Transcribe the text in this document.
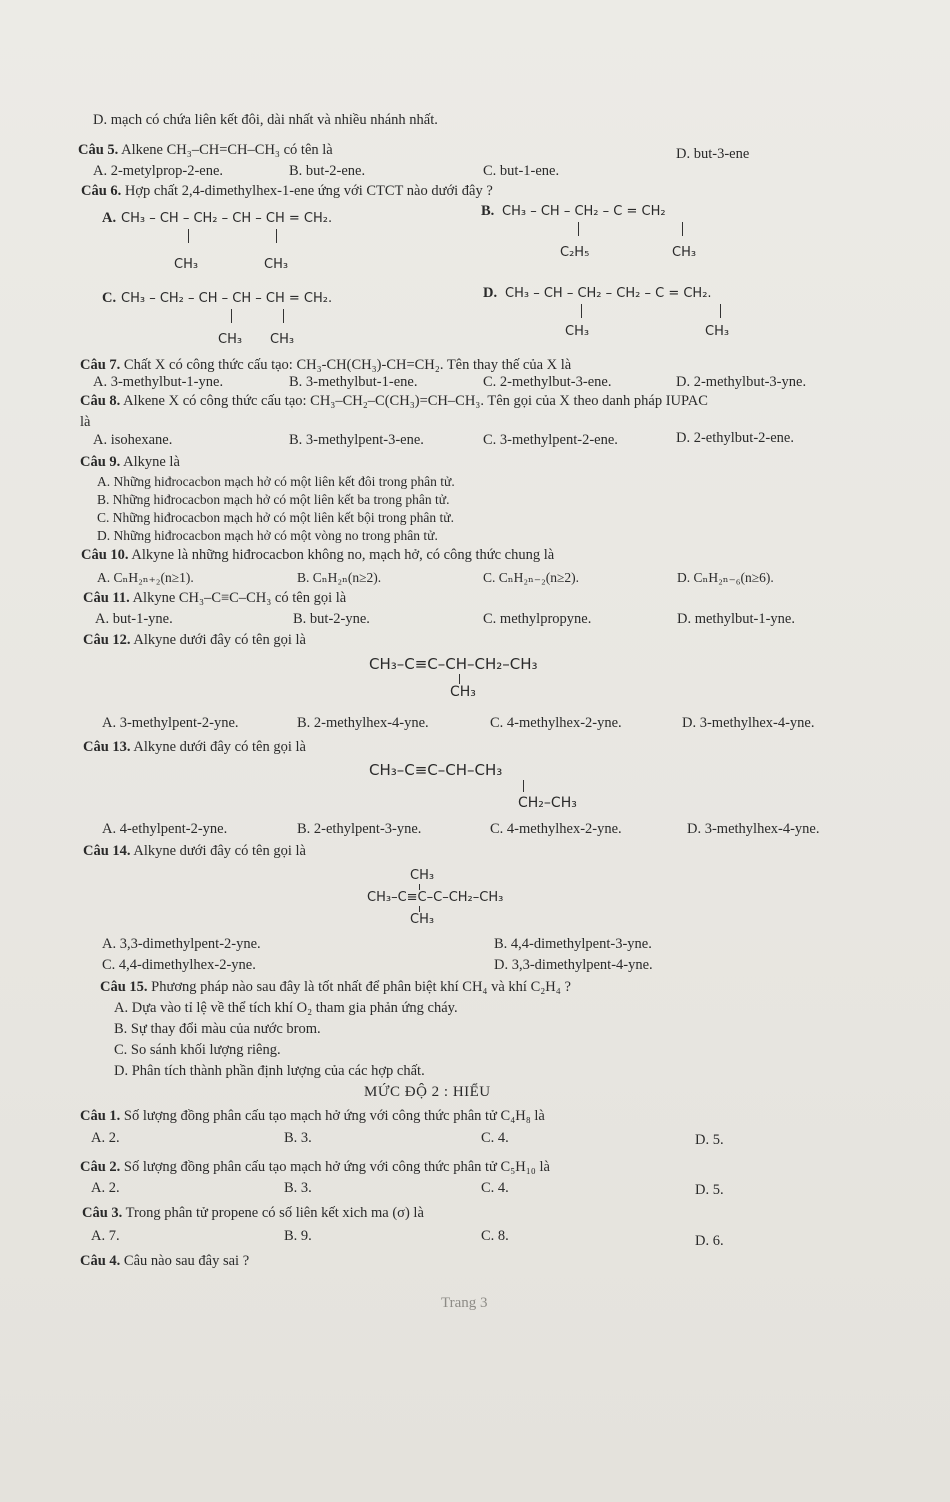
D. mạch có chứa liên kết đôi, dài nhất và nhiều nhánh nhất.
Câu 5. Alkene CH₃–CH=CH–CH₃ có tên là
A. 2-metylprop-2-ene.	B. but-2-ene.	C. but-1-ene.
D. but-3-ene
Câu 6. Hợp chất 2,4-dimethylhex-1-ene ứng với CTCT nào dưới đây ?
A. CH₃ – CH – CH₂ – CH – CH = CH₂.
CH₃	CH₃
B. CH₃ – CH – CH₂ – C = CH₂
C₂H₅	CH₃
C. CH₃ – CH₂ – CH – CH – CH = CH₂.
CH₃ CH₃
D. CH₃ – CH – CH₂ – CH₂ – C = CH₂.
CH₃	CH₃
Câu 7. Chất X có công thức cấu tạo: CH₃-CH(CH₃)-CH=CH₂. Tên thay thế của X là
A. 3-methylbut-1-yne.	B. 3-methylbut-1-ene.	C. 2-methylbut-3-ene.	D. 2-methylbut-3-yne.
Câu 8. Alkene X có công thức cấu tạo: CH₃–CH₂–C(CH₃)=CH–CH₃. Tên gọi của X theo danh pháp IUPAC
là
A. isohexane.	B. 3-methylpent-3-ene.	C. 3-methylpent-2-ene.	D. 2-ethylbut-2-ene.
Câu 9. Alkyne là
A. Những hiđrocacbon mạch hở có một liên kết đôi trong phân tử.
B. Những hiđrocacbon mạch hở có một liên kết ba trong phân tử.
C. Những hiđrocacbon mạch hở có một liên kết bội trong phân tử.
D. Những hiđrocacbon mạch hở có một vòng no trong phân tử.
Câu 10. Alkyne là những hiđrocacbon không no, mạch hở, có công thức chung là
A. CₙH₂ₙ₊₂(n≥1).	B. CₙH₂ₙ(n≥2).	C. CₙH₂ₙ₋₂(n≥2).	D. CₙH₂ₙ₋₆(n≥6).
Câu 11. Alkyne CH₃–C≡C–CH₃ có tên gọi là
A. but-1-yne.	B. but-2-yne.	C. methylpropyne.	D. methylbut-1-yne.
Câu 12. Alkyne dưới đây có tên gọi là
CH₃–C≡C–CH–CH₂–CH₃
CH₃
A. 3-methylpent-2-yne.	B. 2-methylhex-4-yne.	C. 4-methylhex-2-yne.	D. 3-methylhex-4-yne.
Câu 13. Alkyne dưới đây có tên gọi là
CH₃–C≡C–CH–CH₃
CH₂–CH₃
A. 4-ethylpent-2-yne.	B. 2-ethylpent-3-yne.	C. 4-methylhex-2-yne.	D. 3-methylhex-4-yne.
Câu 14. Alkyne dưới đây có tên gọi là
CH₃
CH₃–C≡C–C–CH₂–CH₃
CH₃
A. 3,3-dimethylpent-2-yne.	B. 4,4-dimethylpent-3-yne.
C. 4,4-dimethylhex-2-yne.	D. 3,3-dimethylpent-4-yne.
Câu 15. Phương pháp nào sau đây là tốt nhất để phân biệt khí CH₄ và khí C₂H₄ ?
A. Dựa vào tỉ lệ về thể tích khí O₂ tham gia phản ứng cháy.
B. Sự thay đổi màu của nước brom.
C. So sánh khối lượng riêng.
D. Phân tích thành phần định lượng của các hợp chất.
MỨC ĐỘ 2 : HIỂU
Câu 1. Số lượng đồng phân cấu tạo mạch hở ứng với công thức phân tử C₄H₈ là
A. 2.	B. 3.	C. 4.	D. 5.
Câu 2. Số lượng đồng phân cấu tạo mạch hở ứng với công thức phân tử C₅H₁₀ là
A. 2.	B. 3.	C. 4.	D. 5.
Câu 3. Trong phân tử propene có số liên kết xich ma (σ) là
A. 7.	B. 9.	C. 8.	D. 6.
Câu 4. Câu nào sau đây sai ?
Trang 3
